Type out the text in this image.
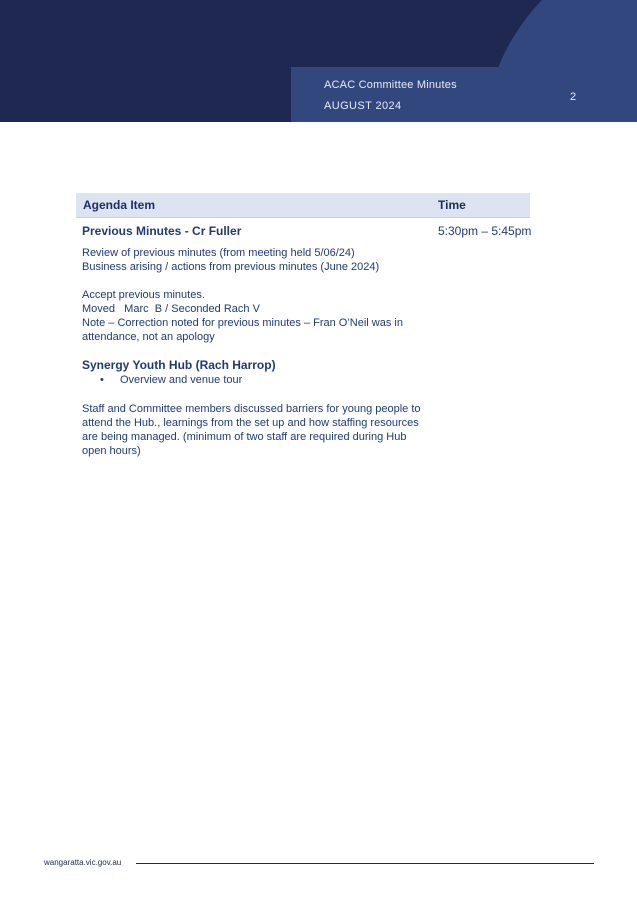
ACAC Committee Minutes
AUGUST 2024
2
Agenda Item	Time
Previous Minutes - Cr Fuller	5:30pm – 5:45pm
Review of previous minutes (from meeting held 5/06/24)
Business arising / actions from previous minutes (June 2024)
Accept previous minutes.
Moved   Marc  B / Seconded Rach V
Note – Correction noted for previous minutes – Fran O’Neil was in
attendance, not an apology
Synergy Youth Hub (Rach Harrop)
• Overview and venue tour
Staff and Committee members discussed barriers for young people to
attend the Hub., learnings from the set up and how staffing resources
are being managed. (minimum of two staff are required during Hub
open hours)
wangaratta.vic.gov.au
